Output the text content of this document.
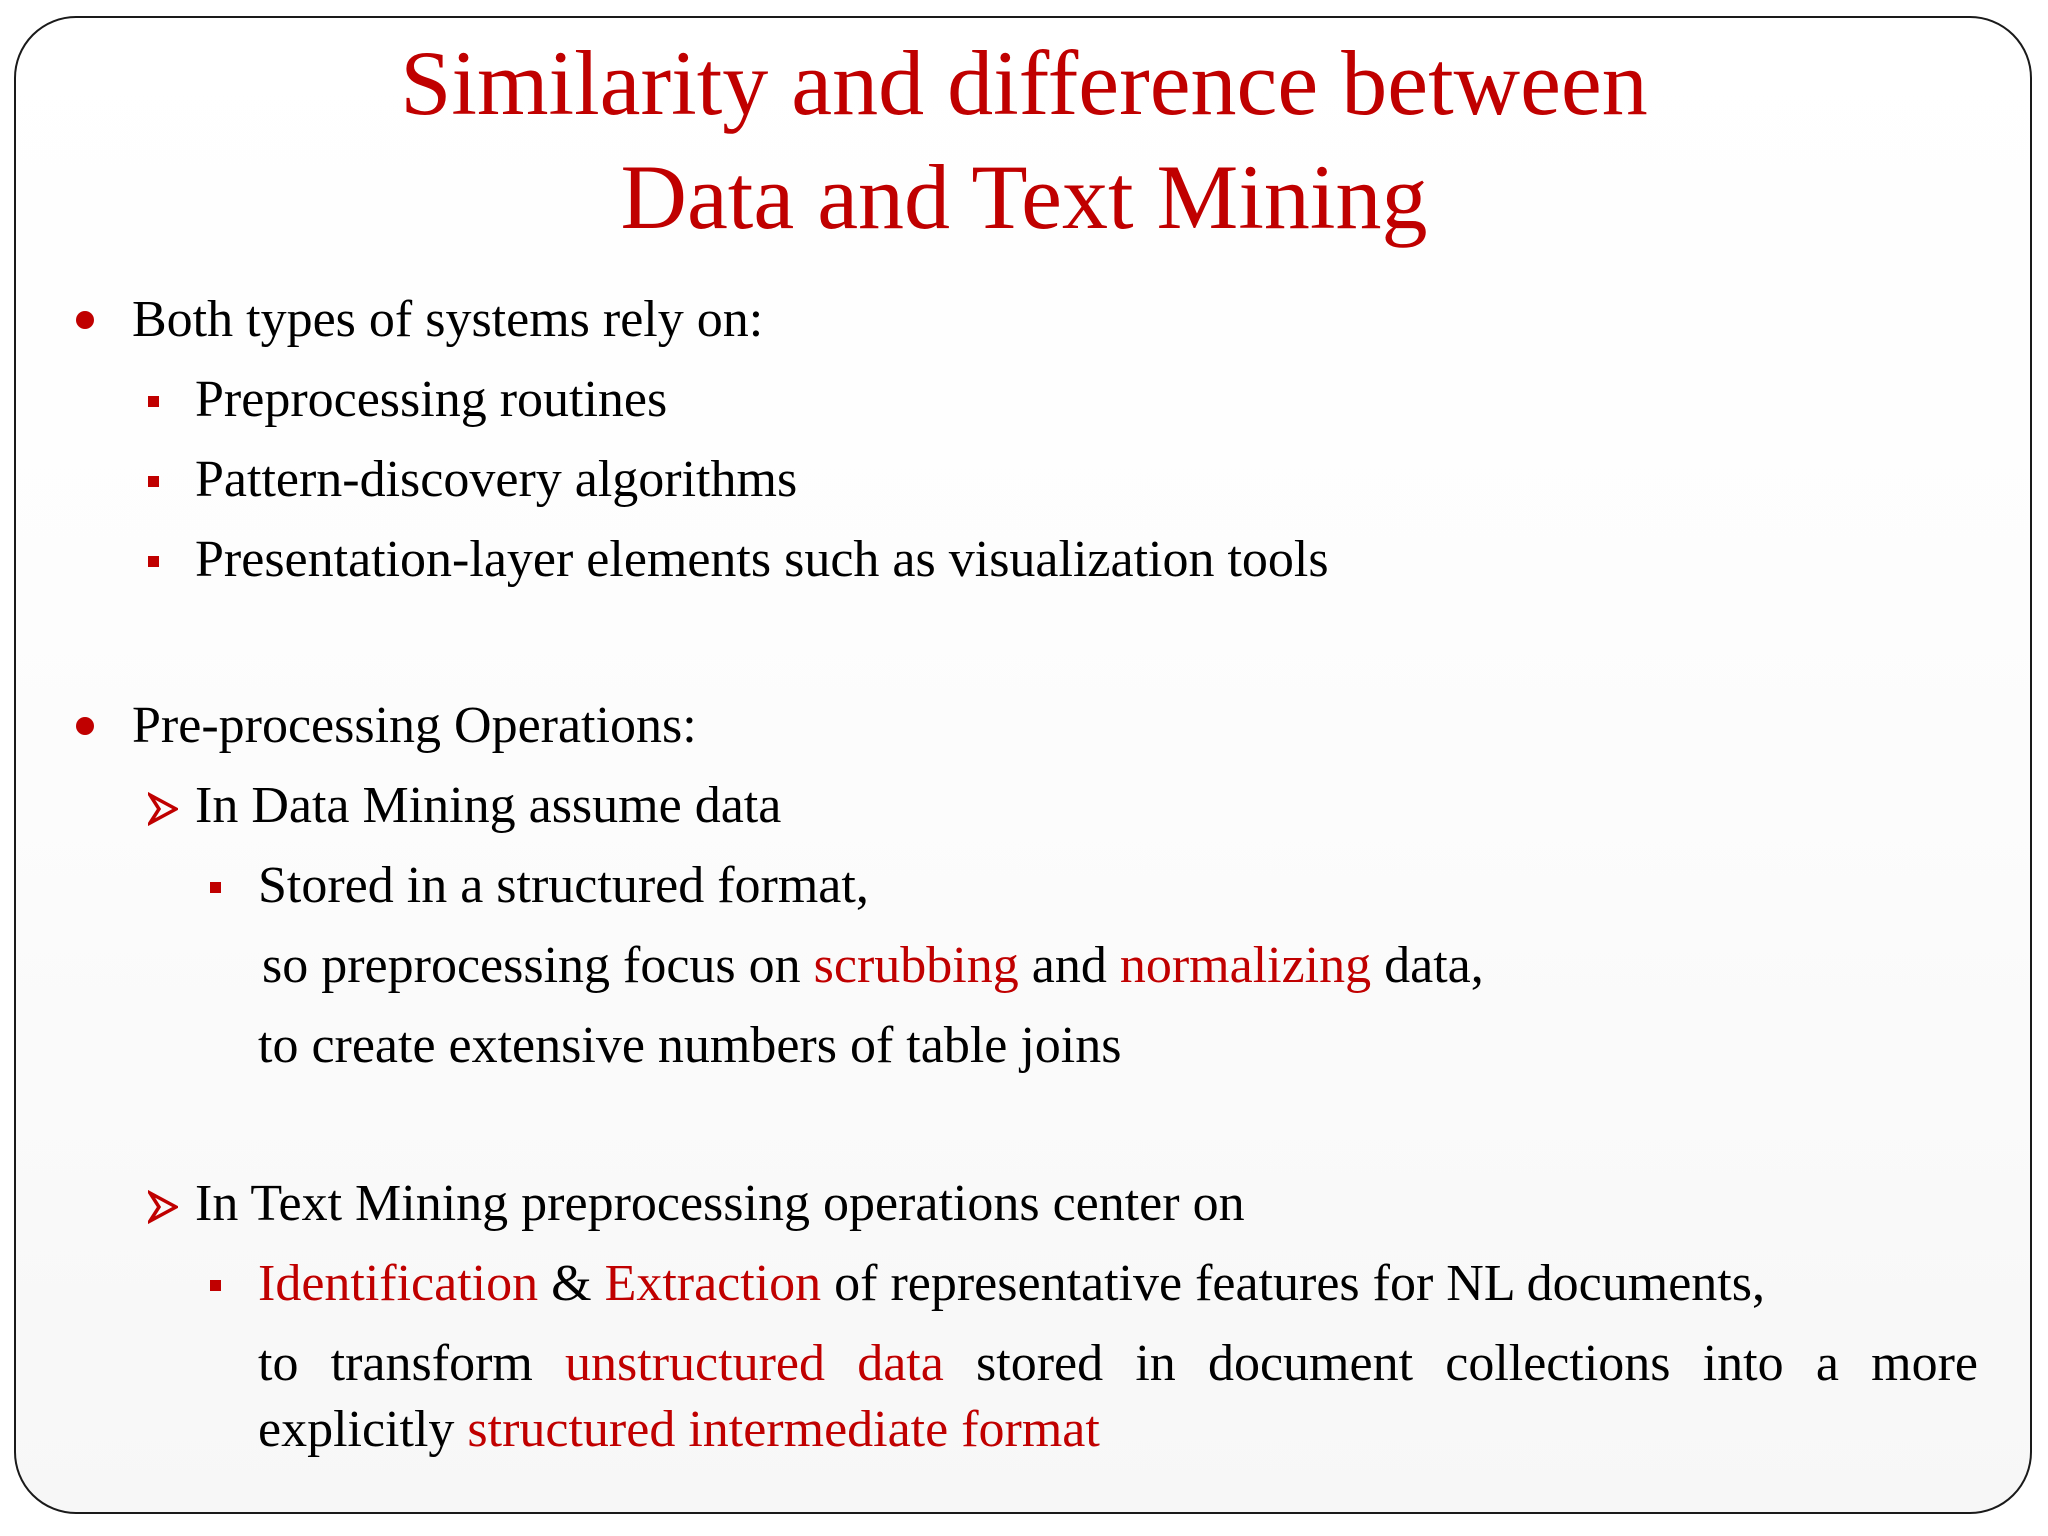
Similarity and difference between
Data and Text Mining
Both types of systems rely on:
Preprocessing routines
Pattern-discovery algorithms
Presentation-layer elements such as visualization tools
Pre-processing Operations:
In Data Mining assume data
Stored in a structured format,
so preprocessing focus on scrubbing and normalizing data,
to create extensive numbers of table joins
In Text Mining preprocessing operations center on
Identification & Extraction of representative features for NL documents,
to transform unstructured data stored in document collections into a more
explicitly structured intermediate format
